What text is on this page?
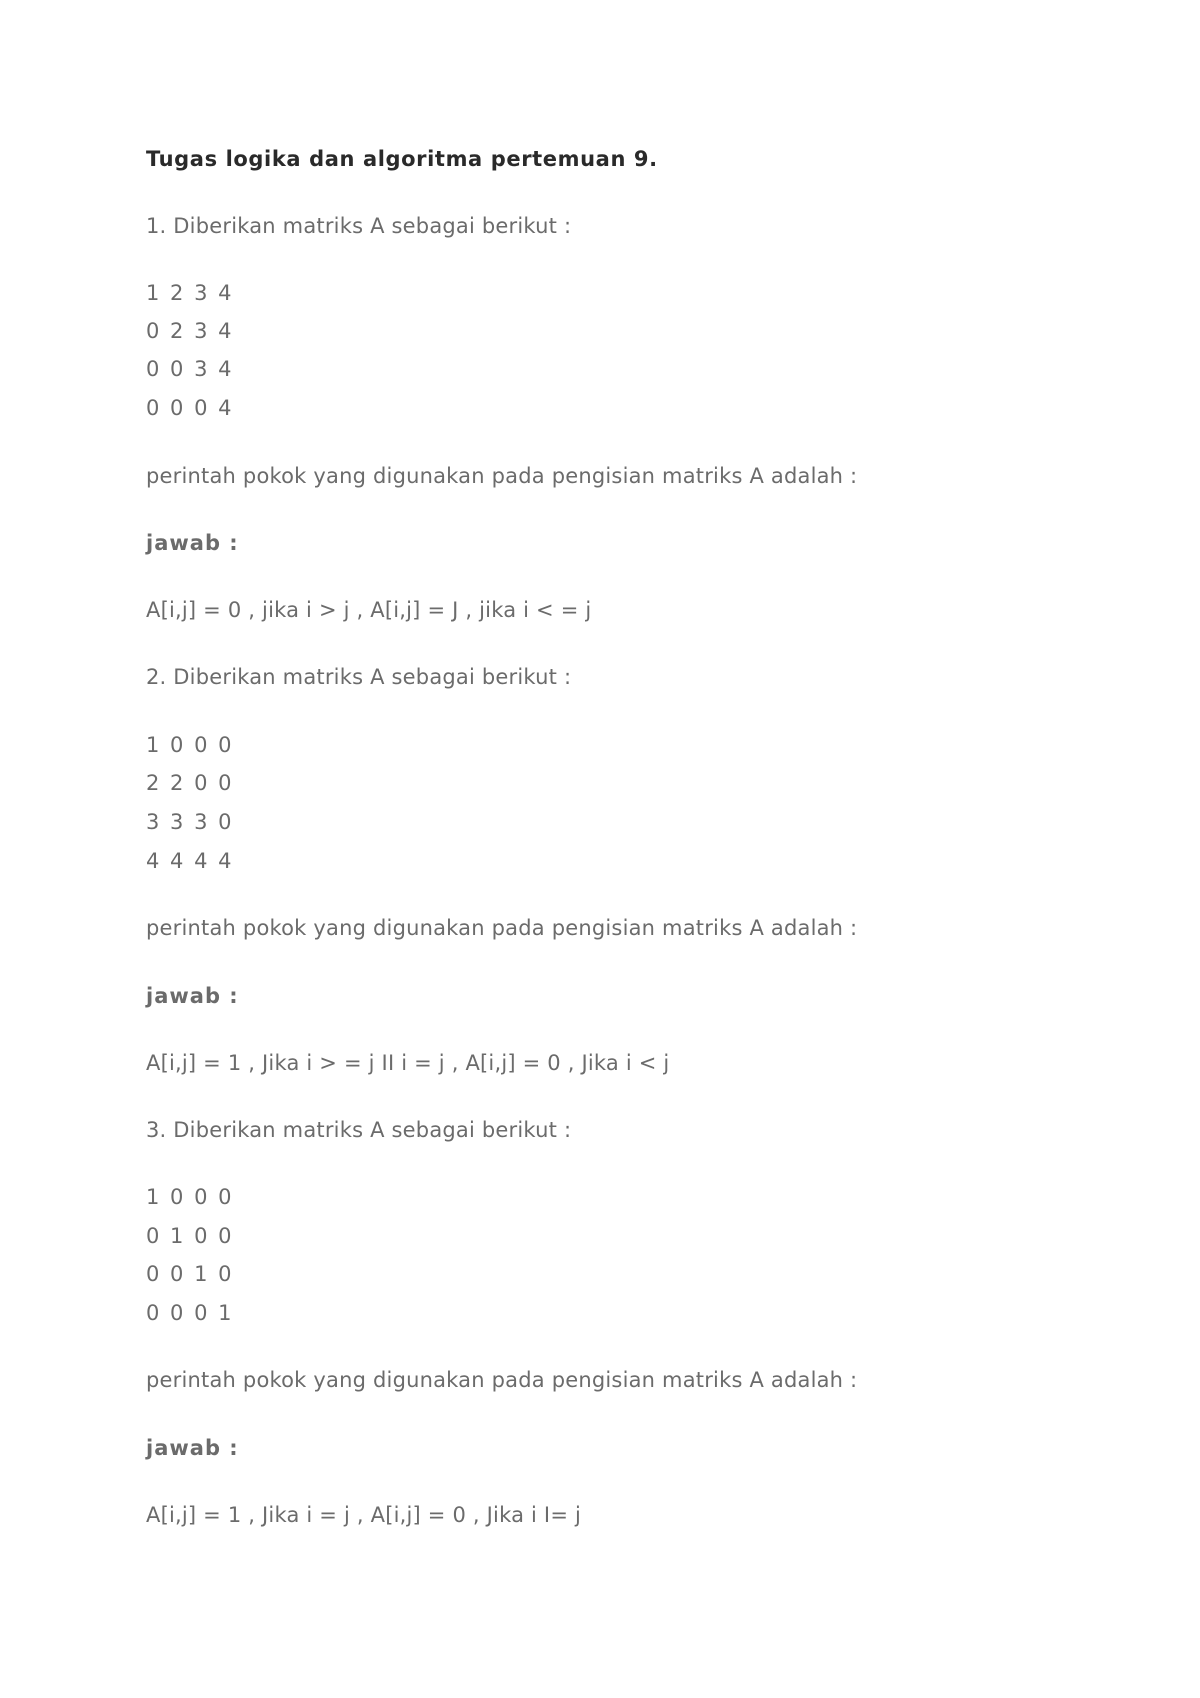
Tugas logika dan algoritma pertemuan 9.
1. Diberikan matriks A sebagai berikut :
1 2 3 4
0 2 3 4
0 0 3 4
0 0 0 4
perintah pokok yang digunakan pada pengisian matriks A adalah :
jawab :
A[i,j] = 0 , jika i > j , A[i,j] = J , jika i < = j
2. Diberikan matriks A sebagai berikut :
1 0 0 0
2 2 0 0
3 3 3 0
4 4 4 4
perintah pokok yang digunakan pada pengisian matriks A adalah :
jawab :
A[i,j] = 1 , Jika i > = j II i = j , A[i,j] = 0 , Jika i < j
3. Diberikan matriks A sebagai berikut :
1 0 0 0
0 1 0 0
0 0 1 0
0 0 0 1
perintah pokok yang digunakan pada pengisian matriks A adalah :
jawab :
A[i,j] = 1 , Jika i = j , A[i,j] = 0 , Jika i I= j
